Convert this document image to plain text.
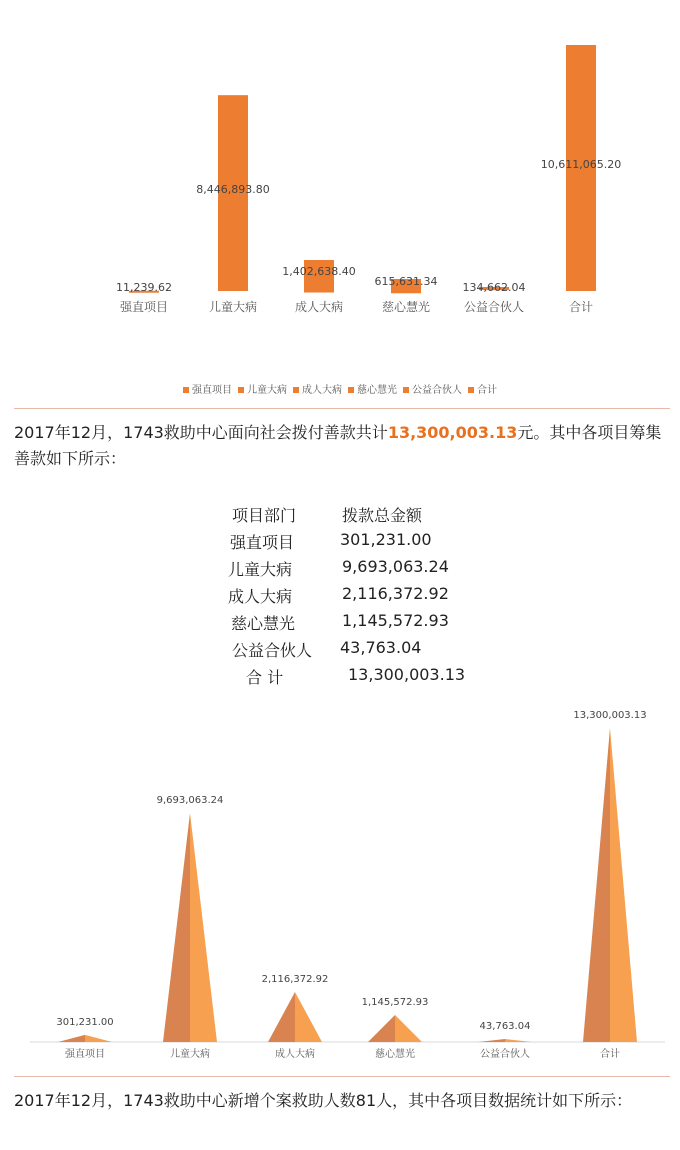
11,239.62
强直项目
8,446,893.80
儿童大病
1,402,638.40
成人大病
615,631.34
慈心慧光
134,662.04
公益合伙人
10,611,065.20
合计
强直项目 儿童大病 成人大病 慈心慧光 公益合伙人 合计
2017年12月，1743救助中心面向社会拨付善款共计13,300,003.13元。其中各项目筹集善款如下所示：
项目部门	拨款总金额
强直项目	301,231.00
儿童大病	9,693,063.24
成人大病	2,116,372.92
慈心慧光	1,145,572.93
公益合伙人 43,763.04
合 计	13,300,003.13
301,231.00
强直项目
9,693,063.24
儿童大病
2,116,372.92
成人大病
1,145,572.93
慈心慧光
43,763.04
公益合伙人
13,300,003.13
合计
2017年12月，1743救助中心新增个案救助人数81人，其中各项目数据统计如下所示：
